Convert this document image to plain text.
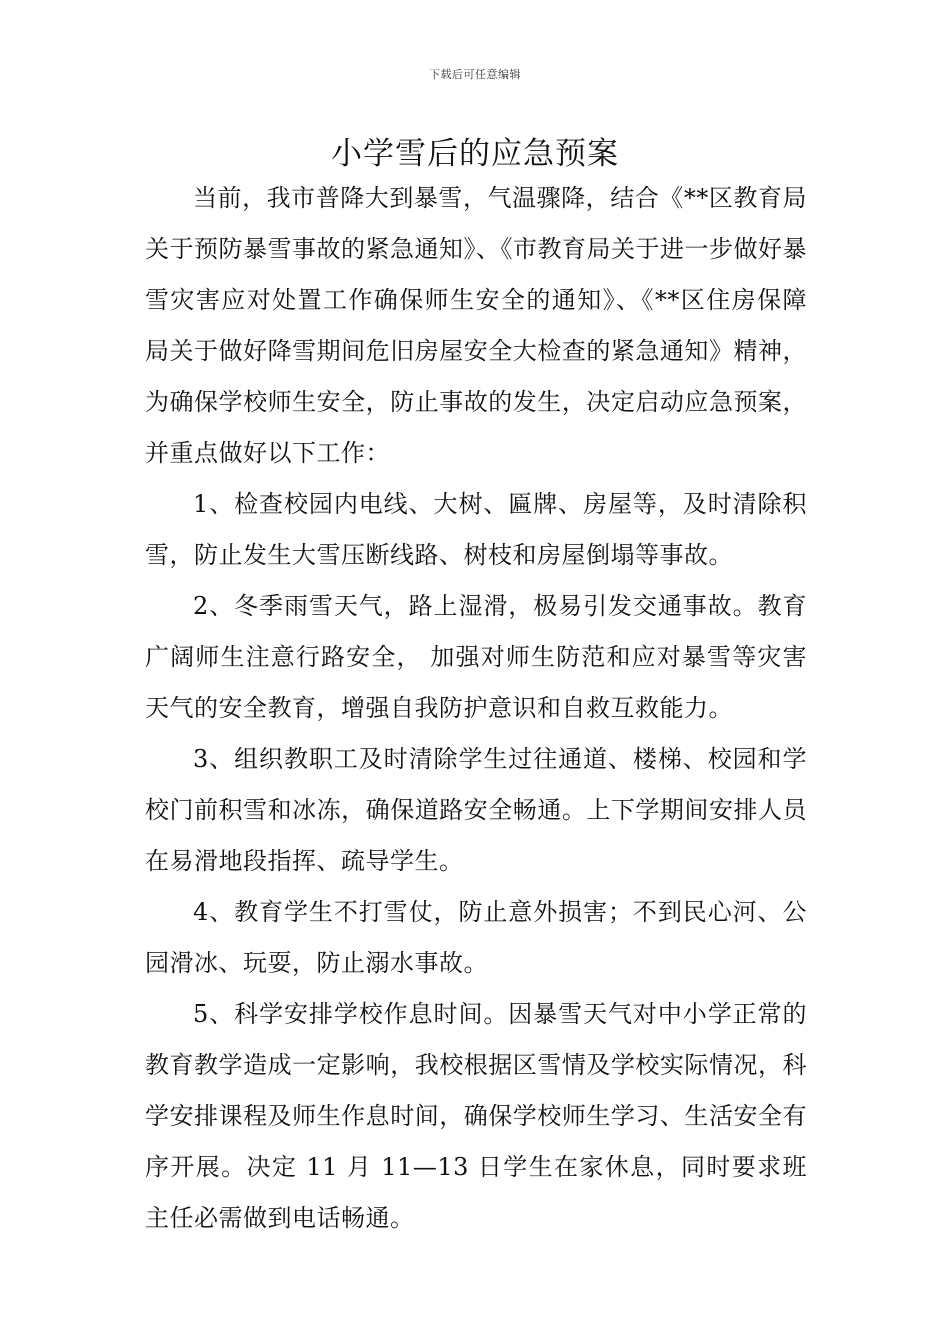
下载后可任意编辑
小学雪后的应急预案

当前，我市普降大到暴雪，气温骤降，结合《**区教育局关于预防暴雪事故的紧急通知》、《市教育局关于进一步做好暴雪灾害应对处置工作确保师生安全的通知》、《**区住房保障局关于做好降雪期间危旧房屋安全大检查的紧急通知》精神， 为确保学校师生安全，防止事故的发生，决定启动应急预案，并重点做好以下工作：

1、检查校园内电线、大树、匾牌、房屋等，及时清除积雪，防止发生大雪压断线路、树枝和房屋倒塌等事故。

2、冬季雨雪天气，路上湿滑，极易引发交通事故。教育广阔师生注意行路安全， 加强对师生防范和应对暴雪等灾害天气的安全教育，增强自我防护意识和自救互救能力。

3、组织教职工及时清除学生过往通道、楼梯、校园和学校门前积雪和冰冻，确保道路安全畅通。上下学期间安排人员在易滑地段指挥、疏导学生。

4、教育学生不打雪仗，防止意外损害；不到民心河、公园滑冰、玩耍，防止溺水事故。

5、科学安排学校作息时间。因暴雪天气对中小学正常的教育教学造成一定影响，我校根据区雪情及学校实际情况，科学安排课程及师生作息时间，确保学校师生学习、生活安全有序开展。决定 11 月 11—13 日学生在家休息，同时要求班主任必需做到电话畅通。
